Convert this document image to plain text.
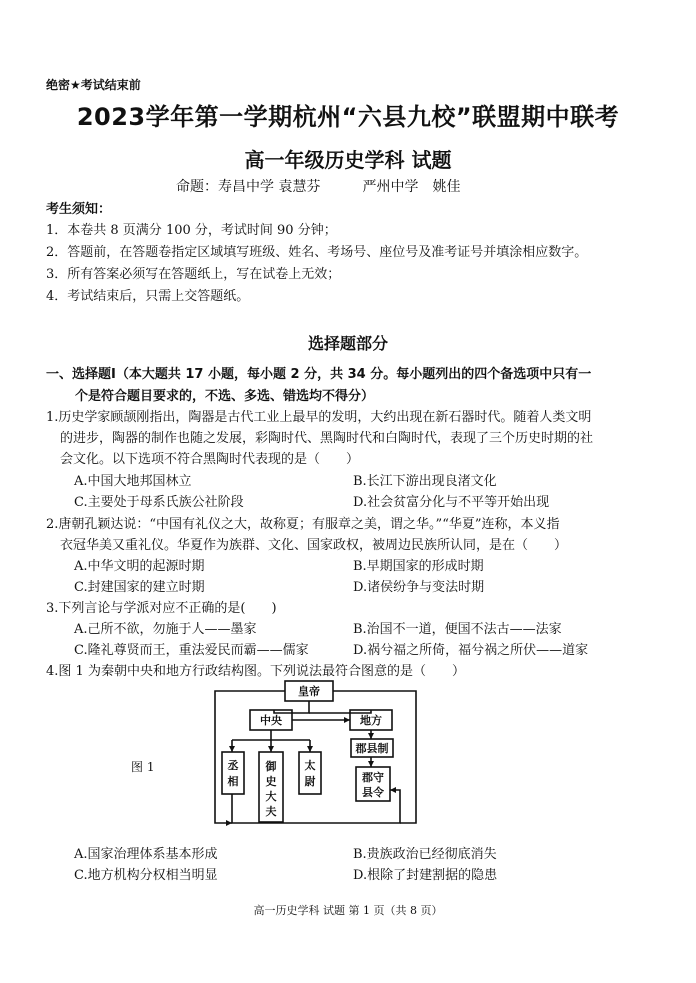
绝密★考试结束前
2023学年第一学期杭州“六县九校”联盟期中联考
高一年级历史学科 试题
命题：寿昌中学 袁慧芬	严州中学　姚佳
考生须知：
1．本卷共 8 页满分 100 分，考试时间 90 分钟；
2．答题前，在答题卷指定区域填写班级、姓名、考场号、座位号及准考证号并填涂相应数字。
3．所有答案必须写在答题纸上，写在试卷上无效；
4．考试结束后，只需上交答题纸。
选择题部分
一、选择题Ⅰ（本大题共 17 小题，每小题 2 分，共 34 分。每小题列出的四个备选项中只有一
个是符合题目要求的，不选、多选、错选均不得分）
1.历史学家顾颉刚指出，陶器是古代工业上最早的发明，大约出现在新石器时代。随着人类文明
的进步，陶器的制作也随之发展，彩陶时代、黑陶时代和白陶时代，表现了三个历史时期的社
会文化。以下选项不符合黑陶时代表现的是（　　）
A.中国大地邦国林立	B.长江下游出现良渚文化
C.主要处于母系氏族公社阶段	D.社会贫富分化与不平等开始出现
2.唐朝孔颖达说：“中国有礼仪之大，故称夏；有服章之美，谓之华。”“华夏”连称，本义指
衣冠华美又重礼仪。华夏作为族群、文化、国家政权，被周边民族所认同，是在（　　）
A.中华文明的起源时期	B.早期国家的形成时期
C.封建国家的建立时期	D.诸侯纷争与变法时期
3.下列言论与学派对应不正确的是(　　)
A.己所不欲，勿施于人——墨家	B.治国不一道，便国不法古——法家
C.隆礼尊贤而王，重法爱民而霸——儒家	D.祸兮福之所倚，福兮祸之所伏——道家
4.图 1 为秦朝中央和地方行政结构图。下列说法最符合图意的是（　　）
图 1
皇帝
中央	地方
郡县制
丞
相
御
史
大
夫
太
尉	郡守
县令
A.国家治理体系基本形成	B.贵族政治已经彻底消失
C.地方机构分权相当明显	D.根除了封建割据的隐患
高一历史学科 试题 第 1 页（共 8 页）
